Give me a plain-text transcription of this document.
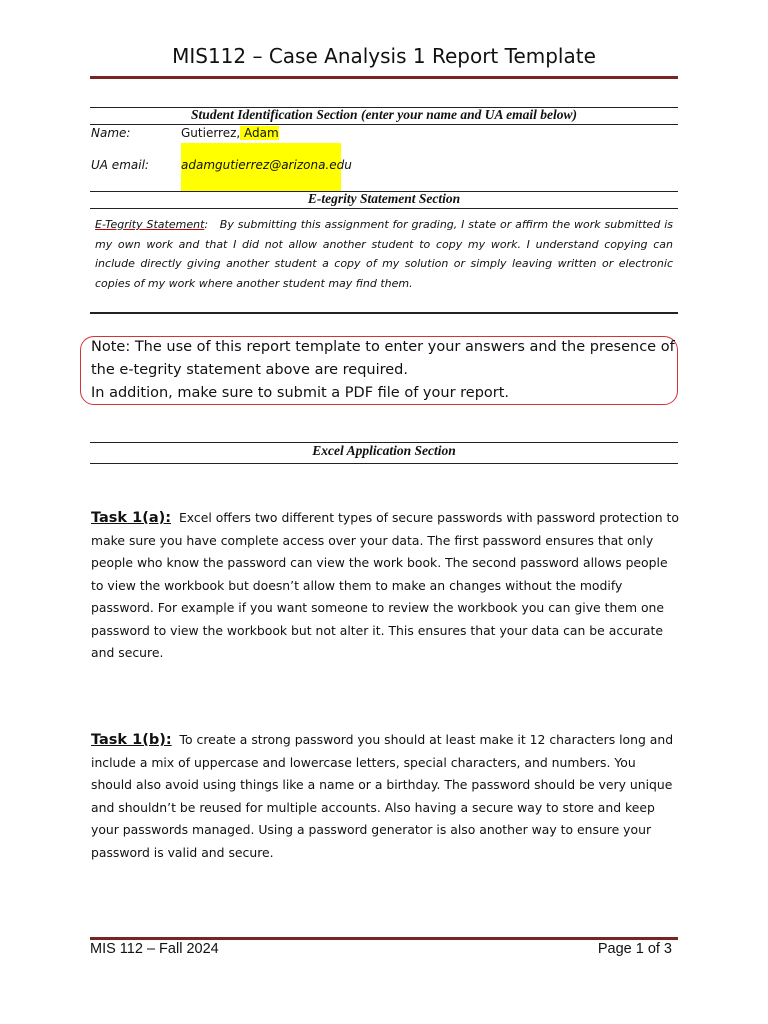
MIS112 – Case Analysis 1 Report Template
Student Identification Section (enter your name and UA email below)
Name:	Gutierrez, Adam
UA email:	adamgutierrez@arizona.edu
E-tegrity Statement Section
E-Tegrity Statement: By submitting this assignment for grading, I state or affirm the work submitted is my own work and that I did not allow another student to copy my work. I understand copying can include directly giving another student a copy of my solution or simply leaving written or electronic copies of my work where another student may find them.
Note: The use of this report template to enter your answers and the presence of the e-tegrity statement above are required.
In addition, make sure to submit a PDF file of your report.
Excel Application Section
Task 1(a): Excel offers two different types of secure passwords with password protection to make sure you have complete access over your data. The first password ensures that only people who know the password can view the work book. The second password allows people to view the workbook but doesn’t allow them to make an changes without the modify password. For example if you want someone to review the workbook you can give them one password to view the workbook but not alter it. This ensures that your data can be accurate and secure.
Task 1(b): To create a strong password you should at least make it 12 characters long and include a mix of uppercase and lowercase letters, special characters, and numbers. You should also avoid using things like a name or a birthday. The password should be very unique and shouldn’t be reused for multiple accounts. Also having a secure way to store and keep your passwords managed. Using a password generator is also another way to ensure your password is valid and secure.
MIS 112 – Fall 2024	Page 1 of 3
